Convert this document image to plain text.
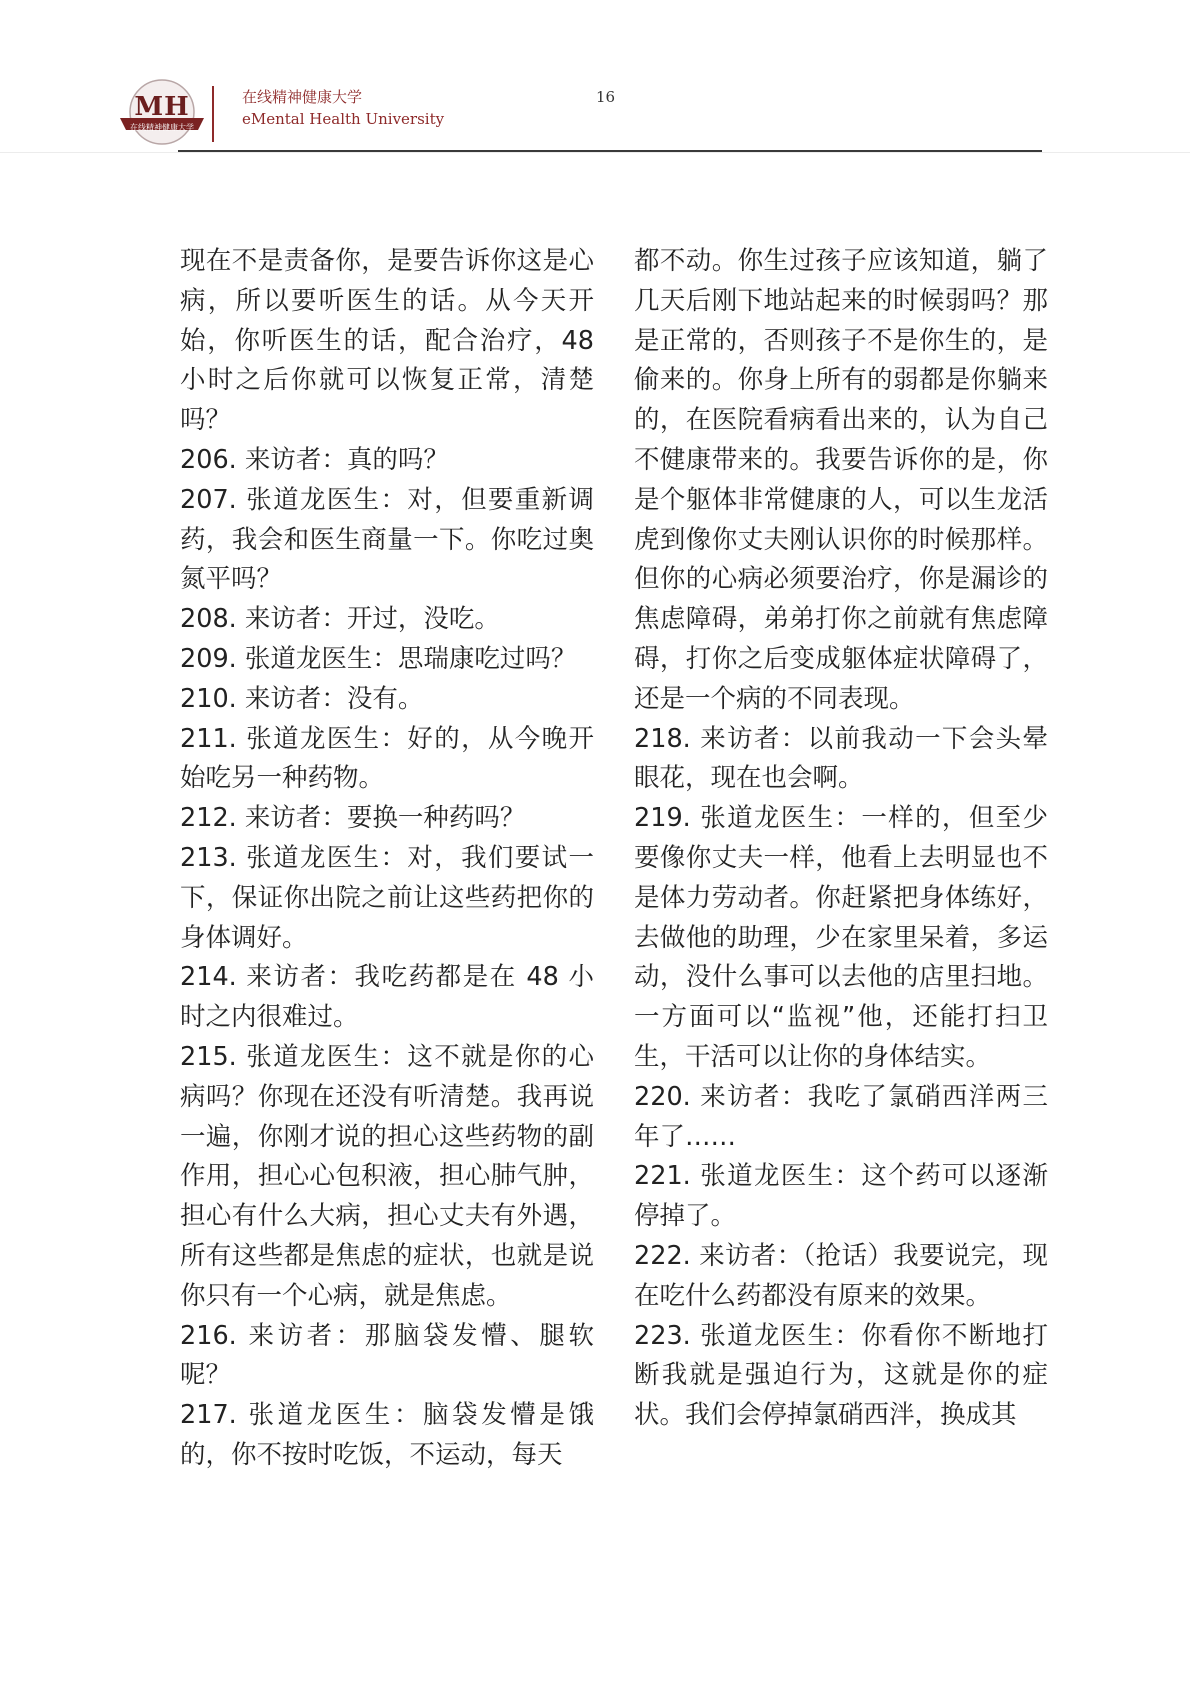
MH
在线精神健康大学
在线精神健康大学
eMental Health University
16

现在不是责备你，是要告诉你这是心病，所以要听医生的话。从今天开始，你听医生的话，配合治疗，48 小时之后你就可以恢复正常，清楚吗？

206. 来访者：真的吗？

207. 张道龙医生：对，但要重新调药，我会和医生商量一下。你吃过奥氮平吗？

208. 来访者：开过，没吃。

209. 张道龙医生：思瑞康吃过吗？

210. 来访者：没有。

211. 张道龙医生：好的，从今晚开始吃另一种药物。

212. 来访者：要换一种药吗？

213. 张道龙医生：对，我们要试一下，保证你出院之前让这些药把你的身体调好。

214. 来访者：我吃药都是在 48 小时之内很难过。

215. 张道龙医生：这不就是你的心病吗？你现在还没有听清楚。我再说一遍，你刚才说的担心这些药物的副作用，担心心包积液，担心肺气肿，担心有什么大病，担心丈夫有外遇，所有这些都是焦虑的症状，也就是说你只有一个心病，就是焦虑。

216. 来访者：那脑袋发懵、腿软呢？

217. 张道龙医生：脑袋发懵是饿的，你不按时吃饭，不运动，每天

都不动。你生过孩子应该知道，躺了几天后刚下地站起来的时候弱吗？那是正常的，否则孩子不是你生的，是偷来的。你身上所有的弱都是你躺来的，在医院看病看出来的，认为自己不健康带来的。我要告诉你的是，你是个躯体非常健康的人，可以生龙活虎到像你丈夫刚认识你的时候那样。但你的心病必须要治疗，你是漏诊的焦虑障碍，弟弟打你之前就有焦虑障碍，打你之后变成躯体症状障碍了，还是一个病的不同表现。

218. 来访者：以前我动一下会头晕眼花，现在也会啊。

219. 张道龙医生：一样的，但至少要像你丈夫一样，他看上去明显也不是体力劳动者。你赶紧把身体练好，去做他的助理，少在家里呆着，多运动，没什么事可以去他的店里扫地。一方面可以“监视”他，还能打扫卫生，干活可以让你的身体结实。

220. 来访者：我吃了氯硝西洋两三年了……

221. 张道龙医生：这个药可以逐渐停掉了。

222. 来访者：（抢话）我要说完，现在吃什么药都没有原来的效果。

223. 张道龙医生：你看你不断地打断我就是强迫行为，这就是你的症状。我们会停掉氯硝西泮，换成其
